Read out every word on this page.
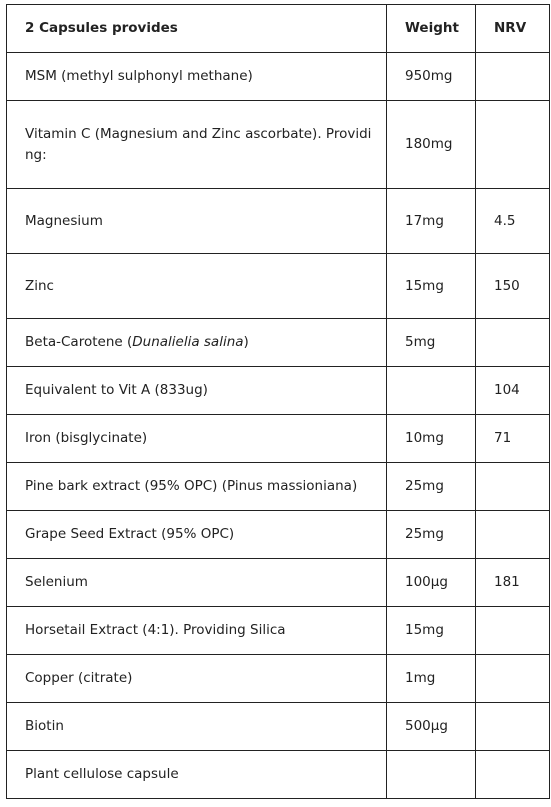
2 Capsules provides	Weight	NRV
MSM (methyl sulphonyl methane)	950mg	
Vitamin C (Magnesium and Zinc ascorbate). Providing:	180mg	
Magnesium	17mg	4.5
Zinc	15mg	150
Beta-Carotene (Dunalielia salina)	5mg	
Equivalent to Vit A (833ug)		104
Iron (bisglycinate)	10mg	71
Pine bark extract (95% OPC) (Pinus massioniana)	25mg	
Grape Seed Extract (95% OPC)	25mg	
Selenium	100µg	181
Horsetail Extract (4:1). Providing Silica	15mg	
Copper (citrate)	1mg	
Biotin	500µg	
Plant cellulose capsule		
